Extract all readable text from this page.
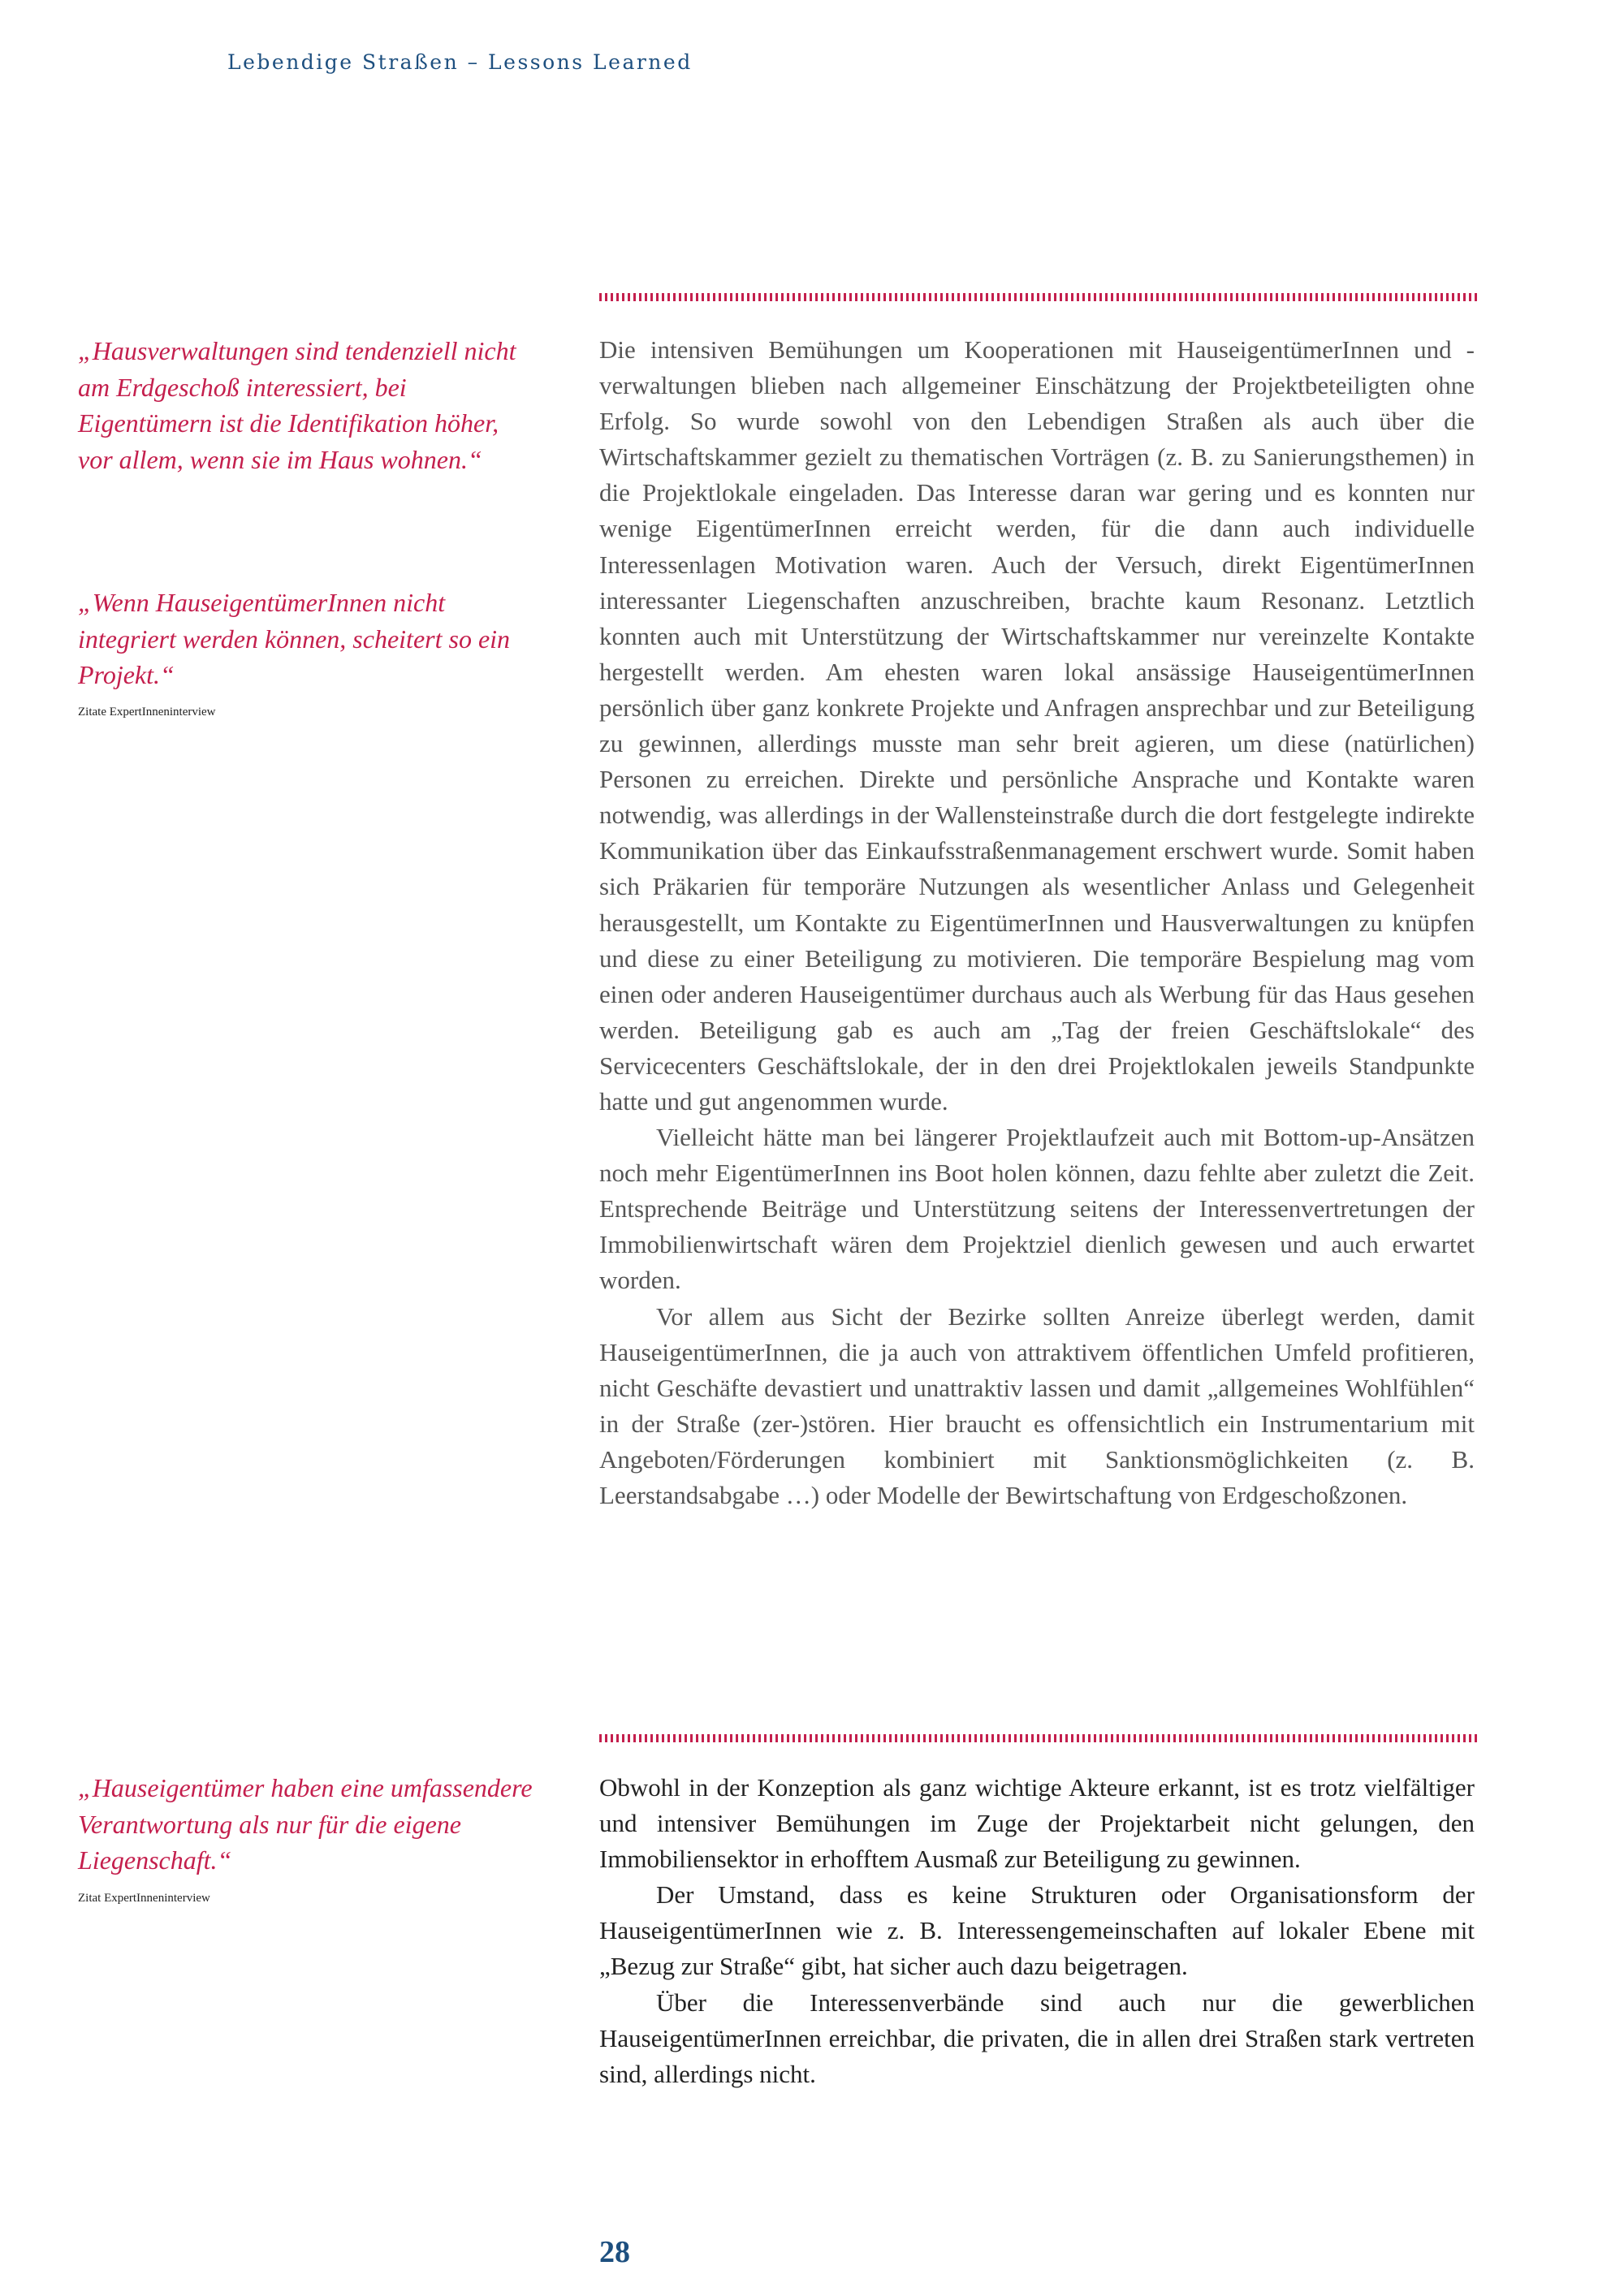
Lebendige Straßen – Lessons Learned

„Hausverwaltungen sind tendenziell nicht am Erdgeschoß interessiert, bei Eigentümern ist die Identifikation höher, vor allem, wenn sie im Haus wohnen.“

„Wenn HauseigentümerInnen nicht integriert werden können, scheitert so ein Projekt.“

Zitate ExpertInneninterview

Die intensiven Bemühungen um Kooperationen mit HauseigentümerInnen und -verwaltungen blieben nach allgemeiner Einschätzung der Projektbeteiligten ohne Erfolg. So wurde sowohl von den Lebendigen Straßen als auch über die Wirtschaftskammer gezielt zu thematischen Vorträgen (z. B. zu Sanierungsthemen) in die Projektlokale eingeladen. Das Interesse daran war gering und es konnten nur wenige EigentümerInnen erreicht werden, für die dann auch individuelle Interessenlagen Motivation waren. Auch der Versuch, direkt EigentümerInnen interessanter Liegenschaften anzuschreiben, brachte kaum Resonanz. Letztlich konnten auch mit Unterstützung der Wirtschaftskammer nur vereinzelte Kontakte hergestellt werden. Am ehesten waren lokal ansässige HauseigentümerInnen persönlich über ganz konkrete Projekte und Anfragen ansprechbar und zur Beteiligung zu gewinnen, allerdings musste man sehr breit agieren, um diese (natürlichen) Personen zu erreichen. Direkte und persönliche Ansprache und Kontakte waren notwendig, was allerdings in der Wallensteinstraße durch die dort festgelegte indirekte Kommunikation über das Einkaufsstraßenmanagement erschwert wurde. Somit haben sich Präkarien für temporäre Nutzungen als wesentlicher Anlass und Gelegenheit herausgestellt, um Kontakte zu EigentümerInnen und Hausverwaltungen zu knüpfen und diese zu einer Beteiligung zu motivieren. Die temporäre Bespielung mag vom einen oder anderen Hauseigentümer durchaus auch als Werbung für das Haus gesehen werden. Beteiligung gab es auch am „Tag der freien Geschäftslokale“ des Servicecenters Geschäftslokale, der in den drei Projektlokalen jeweils Standpunkte hatte und gut angenommen wurde.

Vielleicht hätte man bei längerer Projektlaufzeit auch mit Bottom-up-Ansätzen noch mehr EigentümerInnen ins Boot holen können, dazu fehlte aber zuletzt die Zeit. Entsprechende Beiträge und Unterstützung seitens der Interessenvertretungen der Immobilienwirtschaft wären dem Projektziel dienlich gewesen und auch erwartet worden.

Vor allem aus Sicht der Bezirke sollten Anreize überlegt werden, damit HauseigentümerInnen, die ja auch von attraktivem öffentlichen Umfeld profitieren, nicht Geschäfte devastiert und unattraktiv lassen und damit „allgemeines Wohlfühlen“ in der Straße (zer-)stören. Hier braucht es offensichtlich ein Instrumentarium mit Angeboten/Förderungen kombiniert mit Sanktionsmöglichkeiten (z. B. Leerstandsabgabe …) oder Modelle der Bewirtschaftung von Erdgeschoßzonen.

„Hauseigentümer haben eine umfassendere Verantwortung als nur für die eigene Liegenschaft.“

Zitat ExpertInneninterview

Obwohl in der Konzeption als ganz wichtige Akteure erkannt, ist es trotz vielfältiger und intensiver Bemühungen im Zuge der Projektarbeit nicht gelungen, den Immobiliensektor in erhofftem Ausmaß zur Beteiligung zu gewinnen.

Der Umstand, dass es keine Strukturen oder Organisationsform der HauseigentümerInnen wie z. B. Interessengemeinschaften auf lokaler Ebene mit „Bezug zur Straße“ gibt, hat sicher auch dazu beigetragen.

Über die Interessenverbände sind auch nur die gewerblichen HauseigentümerInnen erreichbar, die privaten, die in allen drei Straßen stark vertreten sind, allerdings nicht.

28
